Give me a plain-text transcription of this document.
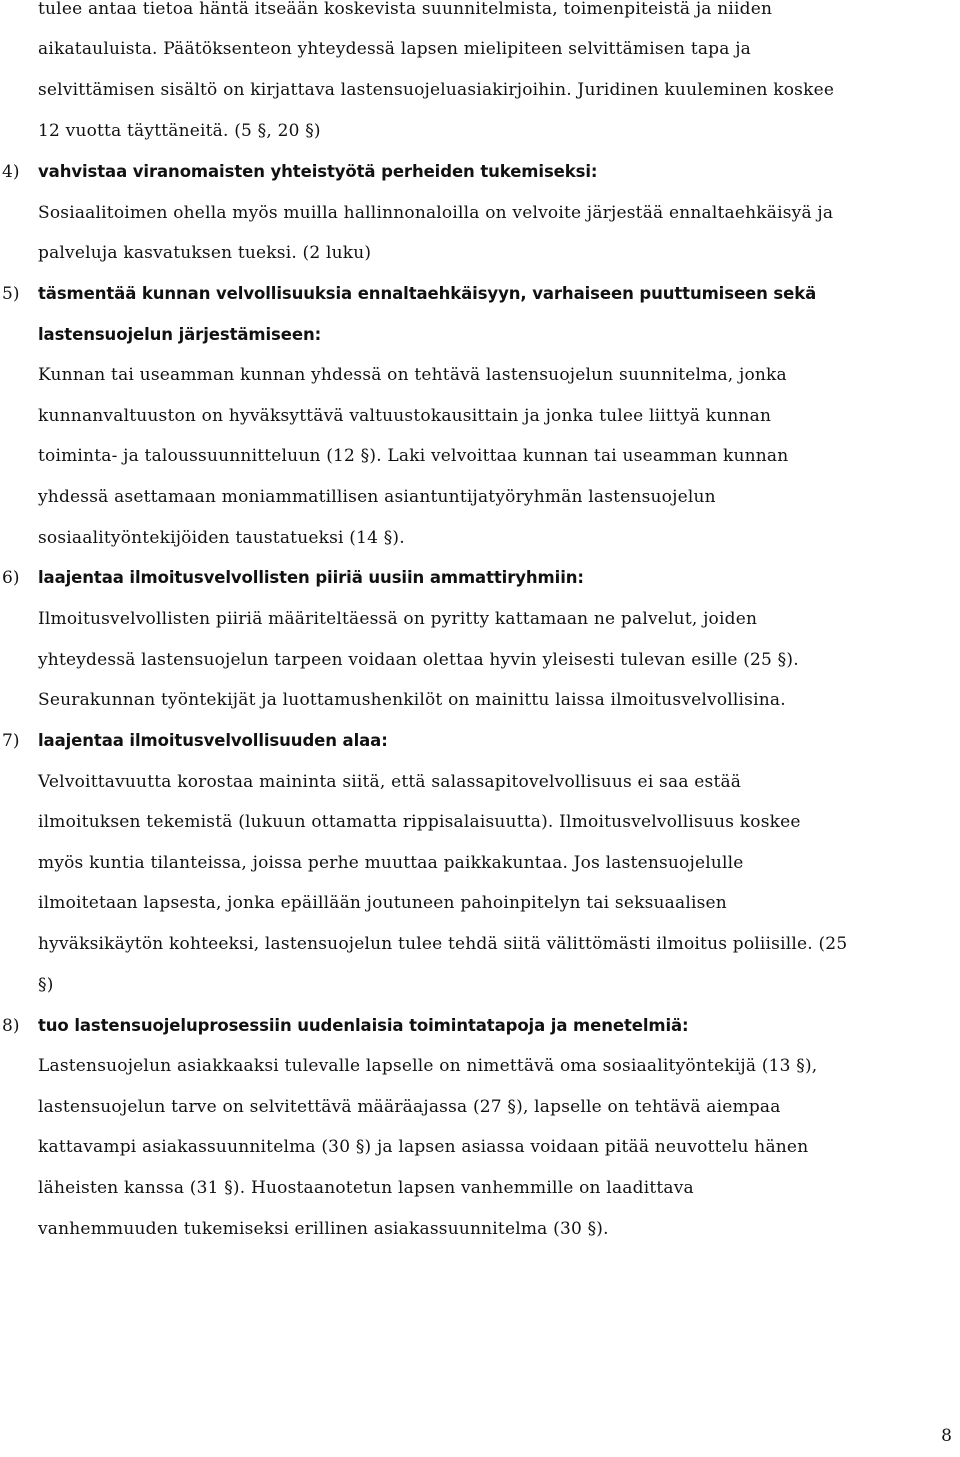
tulee antaa tietoa häntä itseään koskevista suunnitelmista, toimenpiteistä ja niiden
aikatauluista. Päätöksenteon yhteydessä lapsen mielipiteen selvittämisen tapa ja
selvittämisen sisältö on kirjattava lastensuojeluasiakirjoihin. Juridinen kuuleminen koskee
12 vuotta täyttäneitä. (5 §, 20 §)
4) vahvistaa viranomaisten yhteistyötä perheiden tukemiseksi:
Sosiaalitoimen ohella myös muilla hallinnonaloilla on velvoite järjestää ennaltaehkäisyä ja
palveluja kasvatuksen tueksi. (2 luku)
5) täsmentää kunnan velvollisuuksia ennaltaehkäisyyn, varhaiseen puuttumiseen sekä
lastensuojelun järjestämiseen:
Kunnan tai useamman kunnan yhdessä on tehtävä lastensuojelun suunnitelma, jonka
kunnanvaltuuston on hyväksyttävä valtuustokausittain ja jonka tulee liittyä kunnan
toiminta- ja taloussuunnitteluun (12 §). Laki velvoittaa kunnan tai useamman kunnan
yhdessä asettamaan moniammatillisen asiantuntijatyöryhmän lastensuojelun
sosiaalityöntekijöiden taustatueksi (14 §).
6) laajentaa ilmoitusvelvollisten piiriä uusiin ammattiryhmiin:
Ilmoitusvelvollisten piiriä määriteltäessä on pyritty kattamaan ne palvelut, joiden
yhteydessä lastensuojelun tarpeen voidaan olettaa hyvin yleisesti tulevan esille (25 §).
Seurakunnan työntekijät ja luottamushenkilöt on mainittu laissa ilmoitusvelvollisina.
7) laajentaa ilmoitusvelvollisuuden alaa:
Velvoittavuutta korostaa maininta siitä, että salassapitovelvollisuus ei saa estää
ilmoituksen tekemistä (lukuun ottamatta rippisalaisuutta). Ilmoitusvelvollisuus koskee
myös kuntia tilanteissa, joissa perhe muuttaa paikkakuntaa. Jos lastensuojelulle
ilmoitetaan lapsesta, jonka epäillään joutuneen pahoinpitelyn tai seksuaalisen
hyväksikäytön kohteeksi, lastensuojelun tulee tehdä siitä välittömästi ilmoitus poliisille. (25
§)
8) tuo lastensuojeluprosessiin uudenlaisia toimintatapoja ja menetelmiä:
Lastensuojelun asiakkaaksi tulevalle lapselle on nimettävä oma sosiaalityöntekijä (13 §),
lastensuojelun tarve on selvitettävä määräajassa (27 §), lapselle on tehtävä aiempaa
kattavampi asiakassuunnitelma (30 §) ja lapsen asiassa voidaan pitää neuvottelu hänen
läheisten kanssa (31 §). Huostaanotetun lapsen vanhemmille on laadittava
vanhemmuuden tukemiseksi erillinen asiakassuunnitelma (30 §).
8
